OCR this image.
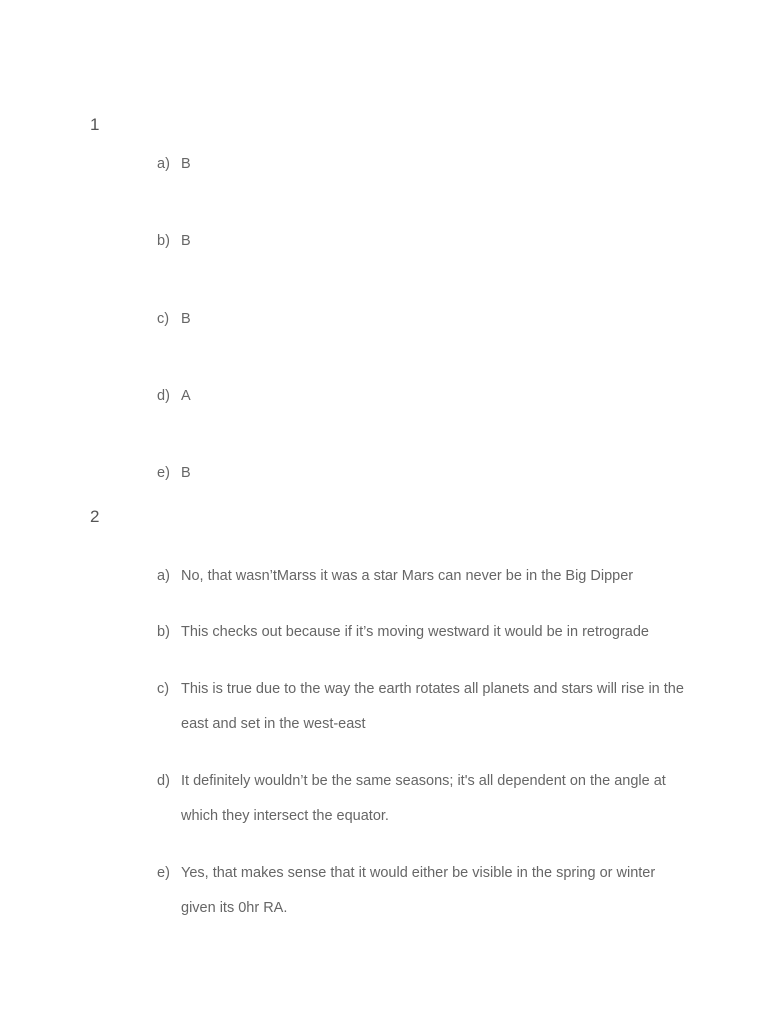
1
a) B
b) B
c) B
d) A
e) B
2
a) No, that wasn’tMarss it was a star Mars can never be in the Big Dipper
b) This checks out because if it’s moving westward it would be in retrograde
c) This is true due to the way the earth rotates all planets and stars will rise in the east and set in the west-east
d) It definitely wouldn’t be the same seasons; it's all dependent on the angle at which they intersect the equator.
e) Yes, that makes sense that it would either be visible in the spring or winter given its 0hr RA.
